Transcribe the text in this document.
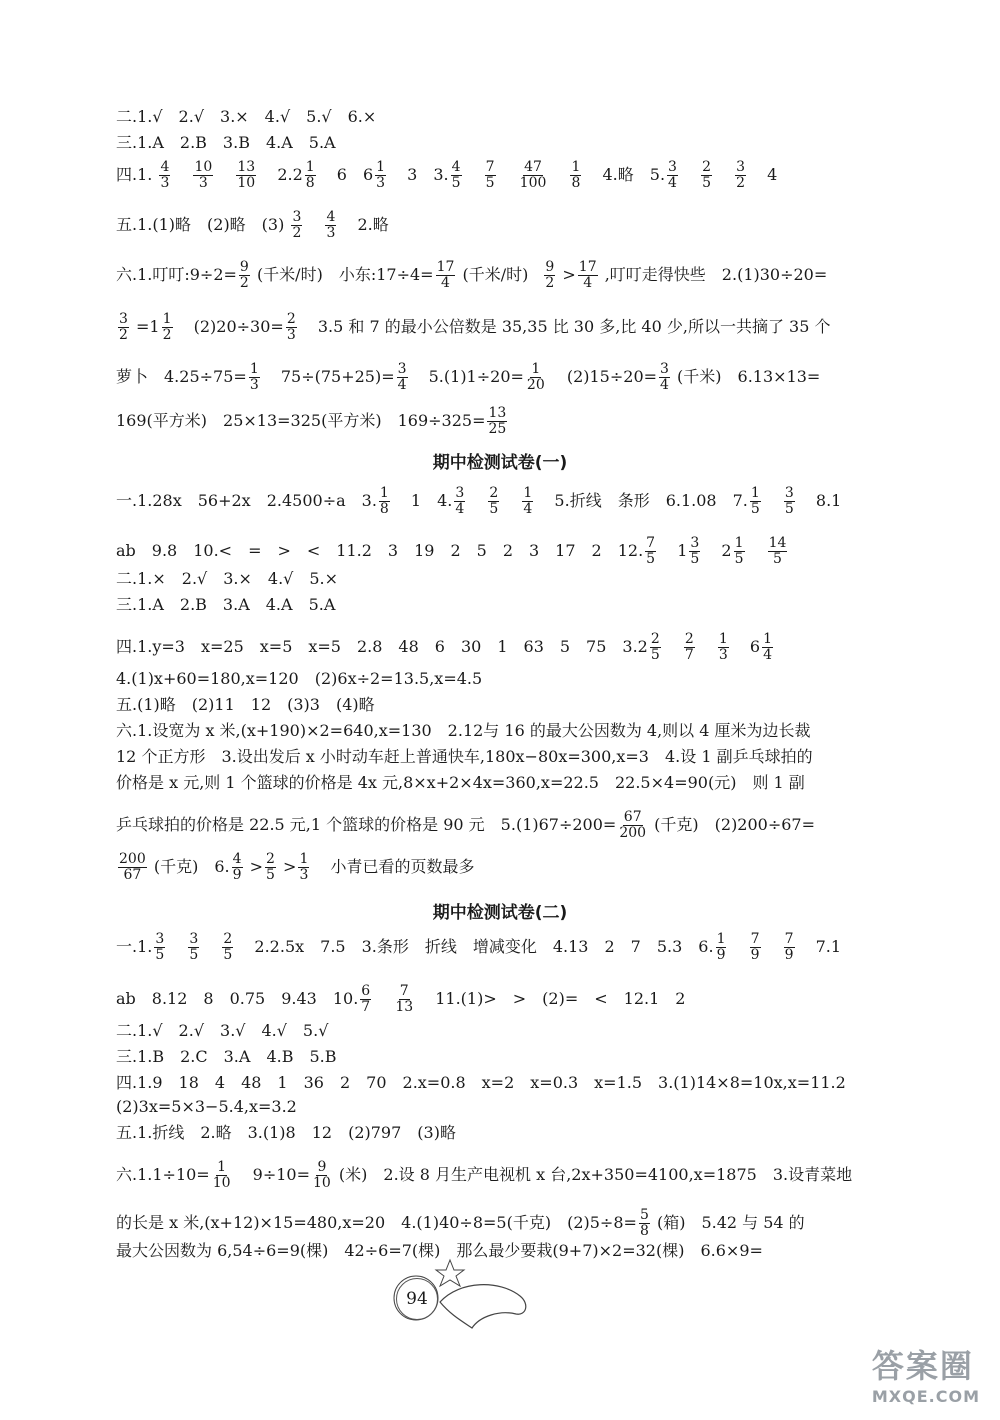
二.1.√　2.√　3.×　4.√　5.√　6.×
三.1.A　2.B　3.B　4.A　5.A
四.1. $\frac{4}{3}$
$\frac{10}{3}$
$\frac{13}{10} 2.2 \frac{1}{8} 6$　$6 \frac{1}{3} 3$　3. $\frac{4}{5}$
$\frac{7}{5}$
$\frac{47}{100}$
$\frac{1}{8} 4$.略　5. $\frac{3}{4}$
$\frac{2}{5}$
$\frac{3}{2} 4$
五.1.(1)略　(2)略　$(3) \frac{3}{2}$
$\frac{4}{3} 2$.略
六.1.叮叮:9÷2= $\frac{9}{2}$ (千米/时)　小东:17÷4= $\frac{17}{4}$ (千米/时) $\frac{9}{2} > \frac{17}{4}$ ,叮叮走得快些　2.(1)30÷20=
$\frac{3}{2} =1 \frac{1}{2} (2)20\div 30= \frac{2}{3} 3.5$ 和 7 的最小公倍数是 35,35 比 30 多,比 40 少,所以一共摘了 35 个
萝卜　$4.25\div 75= \frac{1}{3} 75\div(75+25)= \frac{3}{4} 5.(1)1\div 20= \frac{1}{20} (2)15\div 20= \frac{3}{4}$ (千米)　6.13×13=
169(平方米)　25×13=325(平方米)　$169\div 325= \frac{13}{25}$
期中检测试卷(一)
一.1.28x　56+2x　2.4500÷a　3. $\frac{1}{8} 1$　4. $\frac{3}{4}$
$\frac{2}{5}$
$\frac{1}{4} 5$.折线　条形　6.1.08　7. $\frac{1}{5}$
$\frac{3}{5} 8.1$
ab　9.8　10.<　=　>　<　11.2　3　19　2　5　2　3　17　2　12. $\frac{7}{5} 1 \frac{3}{5} 2 \frac{1}{5}$
$\frac{14}{5}$
二.1.×　2.√　3.×　4.√　5.×
三.1.A　2.B　3.A　4.A　5.A
四.1.y=3　x=25　x=5　x=5　2.8　48　6　30　1　63　5　75　$3.2 \frac{2}{5}$
$\frac{2}{7}$
$\frac{1}{3} 6 \frac{1}{4}$
4.(1)x+60=180,x=120　(2)6x÷2=13.5,x=4.5
五.(1)略　(2)11　12　(3)3　(4)略
六.1.设宽为 x 米,(x+190)×2=640,x=130　2.12与 16 的最大公因数为 4,则以 4 厘米为边长裁
12 个正方形　3.设出发后 x 小时动车赶上普通快车,180x−80x=300,x=3　4.设 1 副乒乓球拍的
价格是 x 元,则 1 个篮球的价格是 4x 元,8×x+2×4x=360,x=22.5　22.5×4=90(元)　则 1 副
乒乓球拍的价格是 22.5 元,1 个篮球的价格是 90 元　$5.(1)67\div 200= \frac{67}{200}$ (千克)　(2)200÷67=
$\frac{200}{67}$ (千克)　6. $\frac{4}{9} > \frac{2}{5} > \frac{1}{3}$ 小青已看的页数最多
期中检测试卷(二)
一.1. $\frac{3}{5}$
$\frac{3}{5}$
$\frac{2}{5} 2.2.5x$　7.5　3.条形　折线　增减变化　4.13　2　7　5.3　6. $\frac{1}{9}$
$\frac{7}{9}$
$\frac{7}{9} 7.1$
ab　8.12　8　0.75　9.43　10. $\frac{6}{7}$
$\frac{7}{13} 11.(1)>$　>　(2)=　<　12.1　2
二.1.√　2.√　3.√　4.√　5.√
三.1.B　2.C　3.A　4.B　5.B
四.1.9　18　4　48　1　36　2　70　2.x=0.8　x=2　x=0.3　x=1.5　3.(1)14×8=10x,x=11.2
(2)3x=5×3−5.4,x=3.2
五.1.折线　2.略　3.(1)8　12　(2)797　(3)略
六$.1.1\div 10= \frac{1}{10} 9\div 10= \frac{9}{10}$ (米)　2.设 8 月生产电视机 x 台,2x+350=4100,x=1875　3.设青菜地
的长是 x 米,(x+12)×15=480,x=20　4.(1)40÷8=5(千克)　$(2)5\div 8= \frac{5}{8}$ (箱)　5.42 与 54 的
最大公因数为 6,54÷6=9(棵)　42÷6=7(棵)　那么最少要栽(9+7)×2=32(棵)　6.6×9=
94
答案圈
MXQE.COM
